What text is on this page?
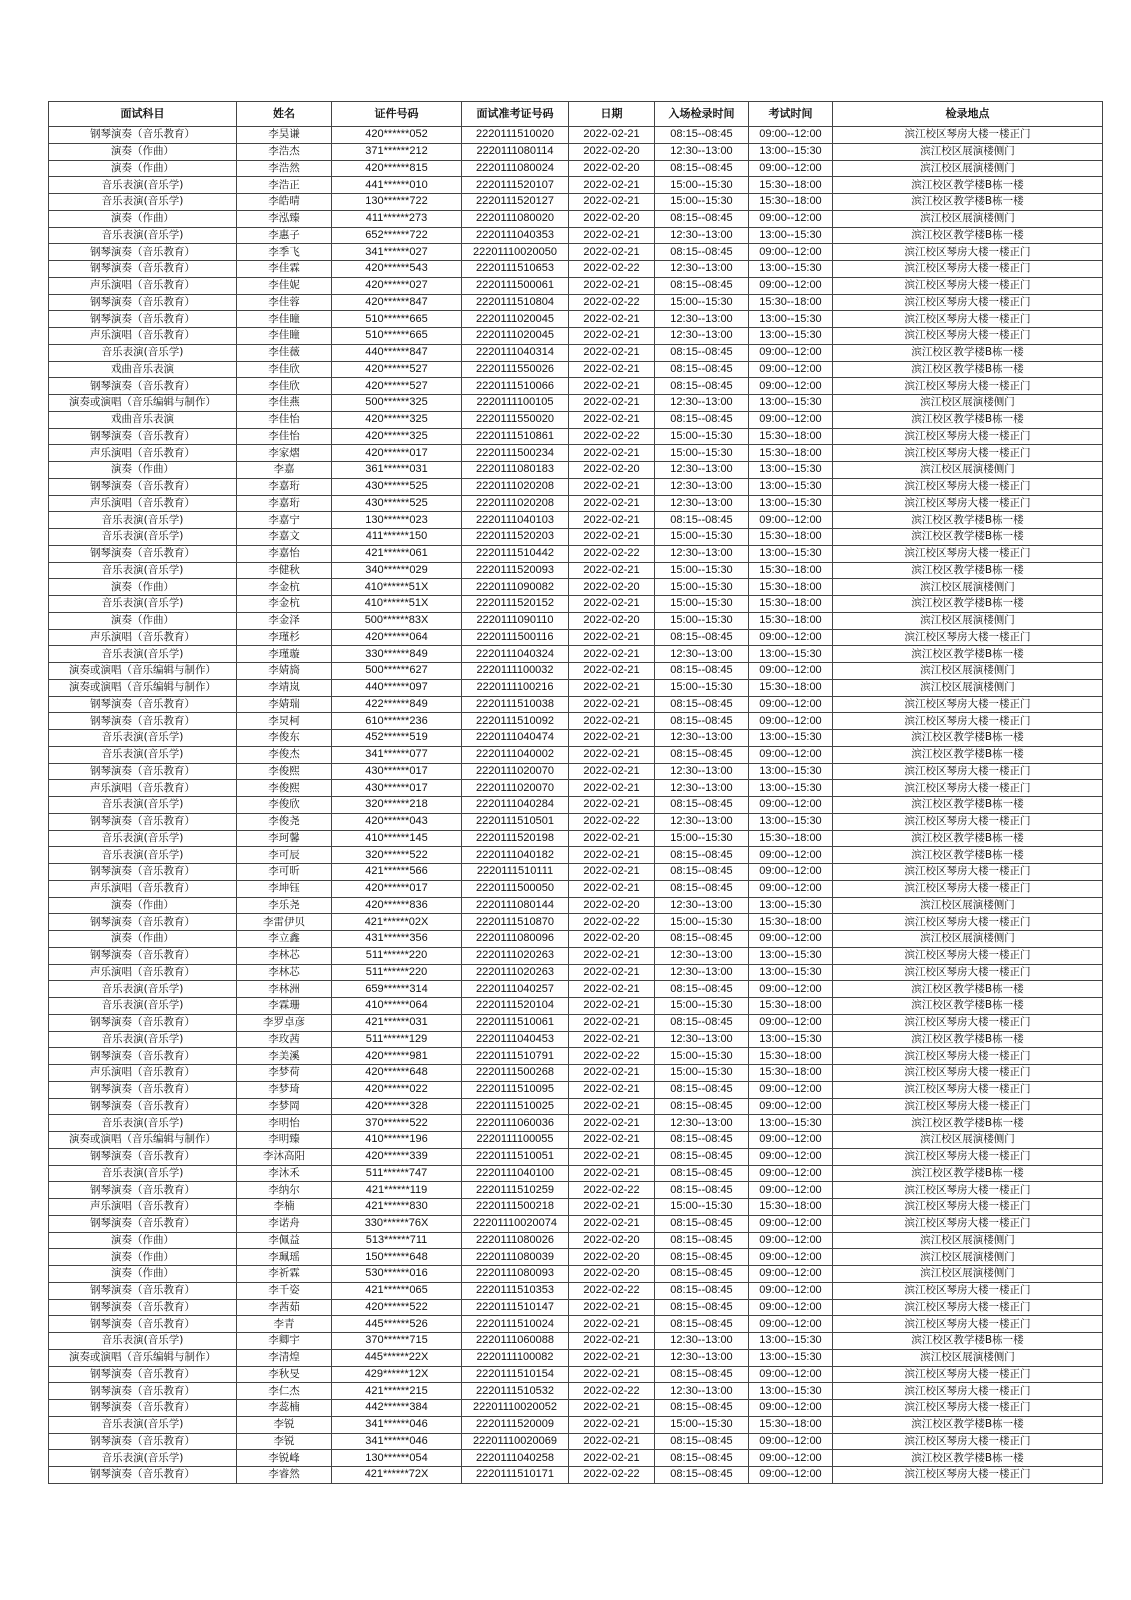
面试科目	姓名	证件号码	面试准考证号码	日期	入场检录时间	考试时间	检录地点
钢琴演奏（音乐教育）	李昊谦	420******052	2220111510020	2022-02-21	08:15--08:45	09:00--12:00	滨江校区琴房大楼一楼正门
演奏（作曲）	李浩杰	371******212	2220111080114	2022-02-20	12:30--13:00	13:00--15:30	滨江校区展演楼侧门
演奏（作曲）	李浩然	420******815	2220111080024	2022-02-20	08:15--08:45	09:00--12:00	滨江校区展演楼侧门
音乐表演(音乐学)	李浩正	441******010	2220111520107	2022-02-21	15:00--15:30	15:30--18:00	滨江校区教学楼B栋一楼
音乐表演(音乐学)	李皓晴	130******722	2220111520127	2022-02-21	15:00--15:30	15:30--18:00	滨江校区教学楼B栋一楼
演奏（作曲）	李泓臻	411******273	2220111080020	2022-02-20	08:15--08:45	09:00--12:00	滨江校区展演楼侧门
音乐表演(音乐学)	李惠子	652******722	2220111040353	2022-02-21	12:30--13:00	13:00--15:30	滨江校区教学楼B栋一楼
钢琴演奏（音乐教育）	李季飞	341******027	22201110020050	2022-02-21	08:15--08:45	09:00--12:00	滨江校区琴房大楼一楼正门
钢琴演奏（音乐教育）	李佳霖	420******543	2220111510653	2022-02-22	12:30--13:00	13:00--15:30	滨江校区琴房大楼一楼正门
声乐演唱（音乐教育）	李佳妮	420******027	2220111500061	2022-02-21	08:15--08:45	09:00--12:00	滨江校区琴房大楼一楼正门
钢琴演奏（音乐教育）	李佳蓉	420******847	2220111510804	2022-02-22	15:00--15:30	15:30--18:00	滨江校区琴房大楼一楼正门
钢琴演奏（音乐教育）	李佳瞳	510******665	2220111020045	2022-02-21	12:30--13:00	13:00--15:30	滨江校区琴房大楼一楼正门
声乐演唱（音乐教育）	李佳瞳	510******665	2220111020045	2022-02-21	12:30--13:00	13:00--15:30	滨江校区琴房大楼一楼正门
音乐表演(音乐学)	李佳薇	440******847	2220111040314	2022-02-21	08:15--08:45	09:00--12:00	滨江校区教学楼B栋一楼
戏曲音乐表演	李佳欣	420******527	2220111550026	2022-02-21	08:15--08:45	09:00--12:00	滨江校区教学楼B栋一楼
钢琴演奏（音乐教育）	李佳欣	420******527	2220111510066	2022-02-21	08:15--08:45	09:00--12:00	滨江校区琴房大楼一楼正门
演奏或演唱（音乐编辑与制作）	李佳燕	500******325	2220111100105	2022-02-21	12:30--13:00	13:00--15:30	滨江校区展演楼侧门
戏曲音乐表演	李佳怡	420******325	2220111550020	2022-02-21	08:15--08:45	09:00--12:00	滨江校区教学楼B栋一楼
钢琴演奏（音乐教育）	李佳怡	420******325	2220111510861	2022-02-22	15:00--15:30	15:30--18:00	滨江校区琴房大楼一楼正门
声乐演唱（音乐教育）	李家熠	420******017	2220111500234	2022-02-21	15:00--15:30	15:30--18:00	滨江校区琴房大楼一楼正门
演奏（作曲）	李嘉	361******031	2220111080183	2022-02-20	12:30--13:00	13:00--15:30	滨江校区展演楼侧门
钢琴演奏（音乐教育）	李嘉珩	430******525	2220111020208	2022-02-21	12:30--13:00	13:00--15:30	滨江校区琴房大楼一楼正门
声乐演唱（音乐教育）	李嘉珩	430******525	2220111020208	2022-02-21	12:30--13:00	13:00--15:30	滨江校区琴房大楼一楼正门
音乐表演(音乐学)	李嘉宁	130******023	2220111040103	2022-02-21	08:15--08:45	09:00--12:00	滨江校区教学楼B栋一楼
音乐表演(音乐学)	李嘉文	411******150	2220111520203	2022-02-21	15:00--15:30	15:30--18:00	滨江校区教学楼B栋一楼
钢琴演奏（音乐教育）	李嘉怡	421******061	2220111510442	2022-02-22	12:30--13:00	13:00--15:30	滨江校区琴房大楼一楼正门
音乐表演(音乐学)	李健秋	340******029	2220111520093	2022-02-21	15:00--15:30	15:30--18:00	滨江校区教学楼B栋一楼
演奏（作曲）	李金杭	410******51X	2220111090082	2022-02-20	15:00--15:30	15:30--18:00	滨江校区展演楼侧门
音乐表演(音乐学)	李金杭	410******51X	2220111520152	2022-02-21	15:00--15:30	15:30--18:00	滨江校区教学楼B栋一楼
演奏（作曲）	李金泽	500******83X	2220111090110	2022-02-20	15:00--15:30	15:30--18:00	滨江校区展演楼侧门
声乐演唱（音乐教育）	李瑾杉	420******064	2220111500116	2022-02-21	08:15--08:45	09:00--12:00	滨江校区琴房大楼一楼正门
音乐表演(音乐学)	李瑾璇	330******849	2220111040324	2022-02-21	12:30--13:00	13:00--15:30	滨江校区教学楼B栋一楼
演奏或演唱（音乐编辑与制作）	李婧旖	500******627	2220111100032	2022-02-21	08:15--08:45	09:00--12:00	滨江校区展演楼侧门
演奏或演唱（音乐编辑与制作）	李靖岚	440******097	2220111100216	2022-02-21	15:00--15:30	15:30--18:00	滨江校区展演楼侧门
钢琴演奏（音乐教育）	李婧瑞	422******849	2220111510038	2022-02-21	08:15--08:45	09:00--12:00	滨江校区琴房大楼一楼正门
钢琴演奏（音乐教育）	李炅柯	610******236	2220111510092	2022-02-21	08:15--08:45	09:00--12:00	滨江校区琴房大楼一楼正门
音乐表演(音乐学)	李俊东	452******519	2220111040474	2022-02-21	12:30--13:00	13:00--15:30	滨江校区教学楼B栋一楼
音乐表演(音乐学)	李俊杰	341******077	2220111040002	2022-02-21	08:15--08:45	09:00--12:00	滨江校区教学楼B栋一楼
钢琴演奏（音乐教育）	李俊熙	430******017	2220111020070	2022-02-21	12:30--13:00	13:00--15:30	滨江校区琴房大楼一楼正门
声乐演唱（音乐教育）	李俊熙	430******017	2220111020070	2022-02-21	12:30--13:00	13:00--15:30	滨江校区琴房大楼一楼正门
音乐表演(音乐学)	李俊欣	320******218	2220111040284	2022-02-21	08:15--08:45	09:00--12:00	滨江校区教学楼B栋一楼
钢琴演奏（音乐教育）	李俊尧	420******043	2220111510501	2022-02-22	12:30--13:00	13:00--15:30	滨江校区琴房大楼一楼正门
音乐表演(音乐学)	李珂馨	410******145	2220111520198	2022-02-21	15:00--15:30	15:30--18:00	滨江校区教学楼B栋一楼
音乐表演(音乐学)	李可辰	320******522	2220111040182	2022-02-21	08:15--08:45	09:00--12:00	滨江校区教学楼B栋一楼
钢琴演奏（音乐教育）	李可昕	421******566	2220111510111	2022-02-21	08:15--08:45	09:00--12:00	滨江校区琴房大楼一楼正门
声乐演唱（音乐教育）	李坤钰	420******017	2220111500050	2022-02-21	08:15--08:45	09:00--12:00	滨江校区琴房大楼一楼正门
演奏（作曲）	李乐尧	420******836	2220111080144	2022-02-20	12:30--13:00	13:00--15:30	滨江校区展演楼侧门
钢琴演奏（音乐教育）	李雷伊贝	421******02X	2220111510870	2022-02-22	15:00--15:30	15:30--18:00	滨江校区琴房大楼一楼正门
演奏（作曲）	李立鑫	431******356	2220111080096	2022-02-20	08:15--08:45	09:00--12:00	滨江校区展演楼侧门
钢琴演奏（音乐教育）	李林芯	511******220	2220111020263	2022-02-21	12:30--13:00	13:00--15:30	滨江校区琴房大楼一楼正门
声乐演唱（音乐教育）	李林芯	511******220	2220111020263	2022-02-21	12:30--13:00	13:00--15:30	滨江校区琴房大楼一楼正门
音乐表演(音乐学)	李林洲	659******314	2220111040257	2022-02-21	08:15--08:45	09:00--12:00	滨江校区教学楼B栋一楼
音乐表演(音乐学)	李霖珊	410******064	2220111520104	2022-02-21	15:00--15:30	15:30--18:00	滨江校区教学楼B栋一楼
钢琴演奏（音乐教育）	李罗卓彦	421******031	2220111510061	2022-02-21	08:15--08:45	09:00--12:00	滨江校区琴房大楼一楼正门
音乐表演(音乐学)	李玫茜	511******129	2220111040453	2022-02-21	12:30--13:00	13:00--15:30	滨江校区教学楼B栋一楼
钢琴演奏（音乐教育）	李美溪	420******981	2220111510791	2022-02-22	15:00--15:30	15:30--18:00	滨江校区琴房大楼一楼正门
声乐演唱（音乐教育）	李梦荷	420******648	2220111500268	2022-02-21	15:00--15:30	15:30--18:00	滨江校区琴房大楼一楼正门
钢琴演奏（音乐教育）	李梦琦	420******022	2220111510095	2022-02-21	08:15--08:45	09:00--12:00	滨江校区琴房大楼一楼正门
钢琴演奏（音乐教育）	李梦岡	420******328	2220111510025	2022-02-21	08:15--08:45	09:00--12:00	滨江校区琴房大楼一楼正门
音乐表演(音乐学)	李明怡	370******522	2220111060036	2022-02-21	12:30--13:00	13:00--15:30	滨江校区教学楼B栋一楼
演奏或演唱（音乐编辑与制作）	李明臻	410******196	2220111100055	2022-02-21	08:15--08:45	09:00--12:00	滨江校区展演楼侧门
钢琴演奏（音乐教育）	李沐高阳	420******339	2220111510051	2022-02-21	08:15--08:45	09:00--12:00	滨江校区琴房大楼一楼正门
音乐表演(音乐学)	李沐禾	511******747	2220111040100	2022-02-21	08:15--08:45	09:00--12:00	滨江校区教学楼B栋一楼
钢琴演奏（音乐教育）	李纳尔	421******119	2220111510259	2022-02-22	08:15--08:45	09:00--12:00	滨江校区琴房大楼一楼正门
声乐演唱（音乐教育）	李楠	421******830	2220111500218	2022-02-21	15:00--15:30	15:30--18:00	滨江校区琴房大楼一楼正门
钢琴演奏（音乐教育）	李诺舟	330******76X	22201110020074	2022-02-21	08:15--08:45	09:00--12:00	滨江校区琴房大楼一楼正门
演奏（作曲）	李佩益	513******711	2220111080026	2022-02-20	08:15--08:45	09:00--12:00	滨江校区展演楼侧门
演奏（作曲）	李珮瑶	150******648	2220111080039	2022-02-20	08:15--08:45	09:00--12:00	滨江校区展演楼侧门
演奏（作曲）	李祈霖	530******016	2220111080093	2022-02-20	08:15--08:45	09:00--12:00	滨江校区展演楼侧门
钢琴演奏（音乐教育）	李千姿	421******065	2220111510353	2022-02-22	08:15--08:45	09:00--12:00	滨江校区琴房大楼一楼正门
钢琴演奏（音乐教育）	李茜茹	420******522	2220111510147	2022-02-21	08:15--08:45	09:00--12:00	滨江校区琴房大楼一楼正门
钢琴演奏（音乐教育）	李青	445******526	2220111510024	2022-02-21	08:15--08:45	09:00--12:00	滨江校区琴房大楼一楼正门
音乐表演(音乐学)	李卿宇	370******715	2220111060088	2022-02-21	12:30--13:00	13:00--15:30	滨江校区教学楼B栋一楼
演奏或演唱（音乐编辑与制作）	李清煌	445******22X	2220111100082	2022-02-21	12:30--13:00	13:00--15:30	滨江校区展演楼侧门
钢琴演奏（音乐教育）	李秋旻	429******12X	2220111510154	2022-02-21	08:15--08:45	09:00--12:00	滨江校区琴房大楼一楼正门
钢琴演奏（音乐教育）	李仁杰	421******215	2220111510532	2022-02-22	12:30--13:00	13:00--15:30	滨江校区琴房大楼一楼正门
钢琴演奏（音乐教育）	李蕊楠	442******384	22201110020052	2022-02-21	08:15--08:45	09:00--12:00	滨江校区琴房大楼一楼正门
音乐表演(音乐学)	李锐	341******046	2220111520009	2022-02-21	15:00--15:30	15:30--18:00	滨江校区教学楼B栋一楼
钢琴演奏（音乐教育）	李锐	341******046	22201110020069	2022-02-21	08:15--08:45	09:00--12:00	滨江校区琴房大楼一楼正门
音乐表演(音乐学)	李锐峰	130******054	2220111040258	2022-02-21	08:15--08:45	09:00--12:00	滨江校区教学楼B栋一楼
钢琴演奏（音乐教育）	李睿然	421******72X	2220111510171	2022-02-22	08:15--08:45	09:00--12:00	滨江校区琴房大楼一楼正门
